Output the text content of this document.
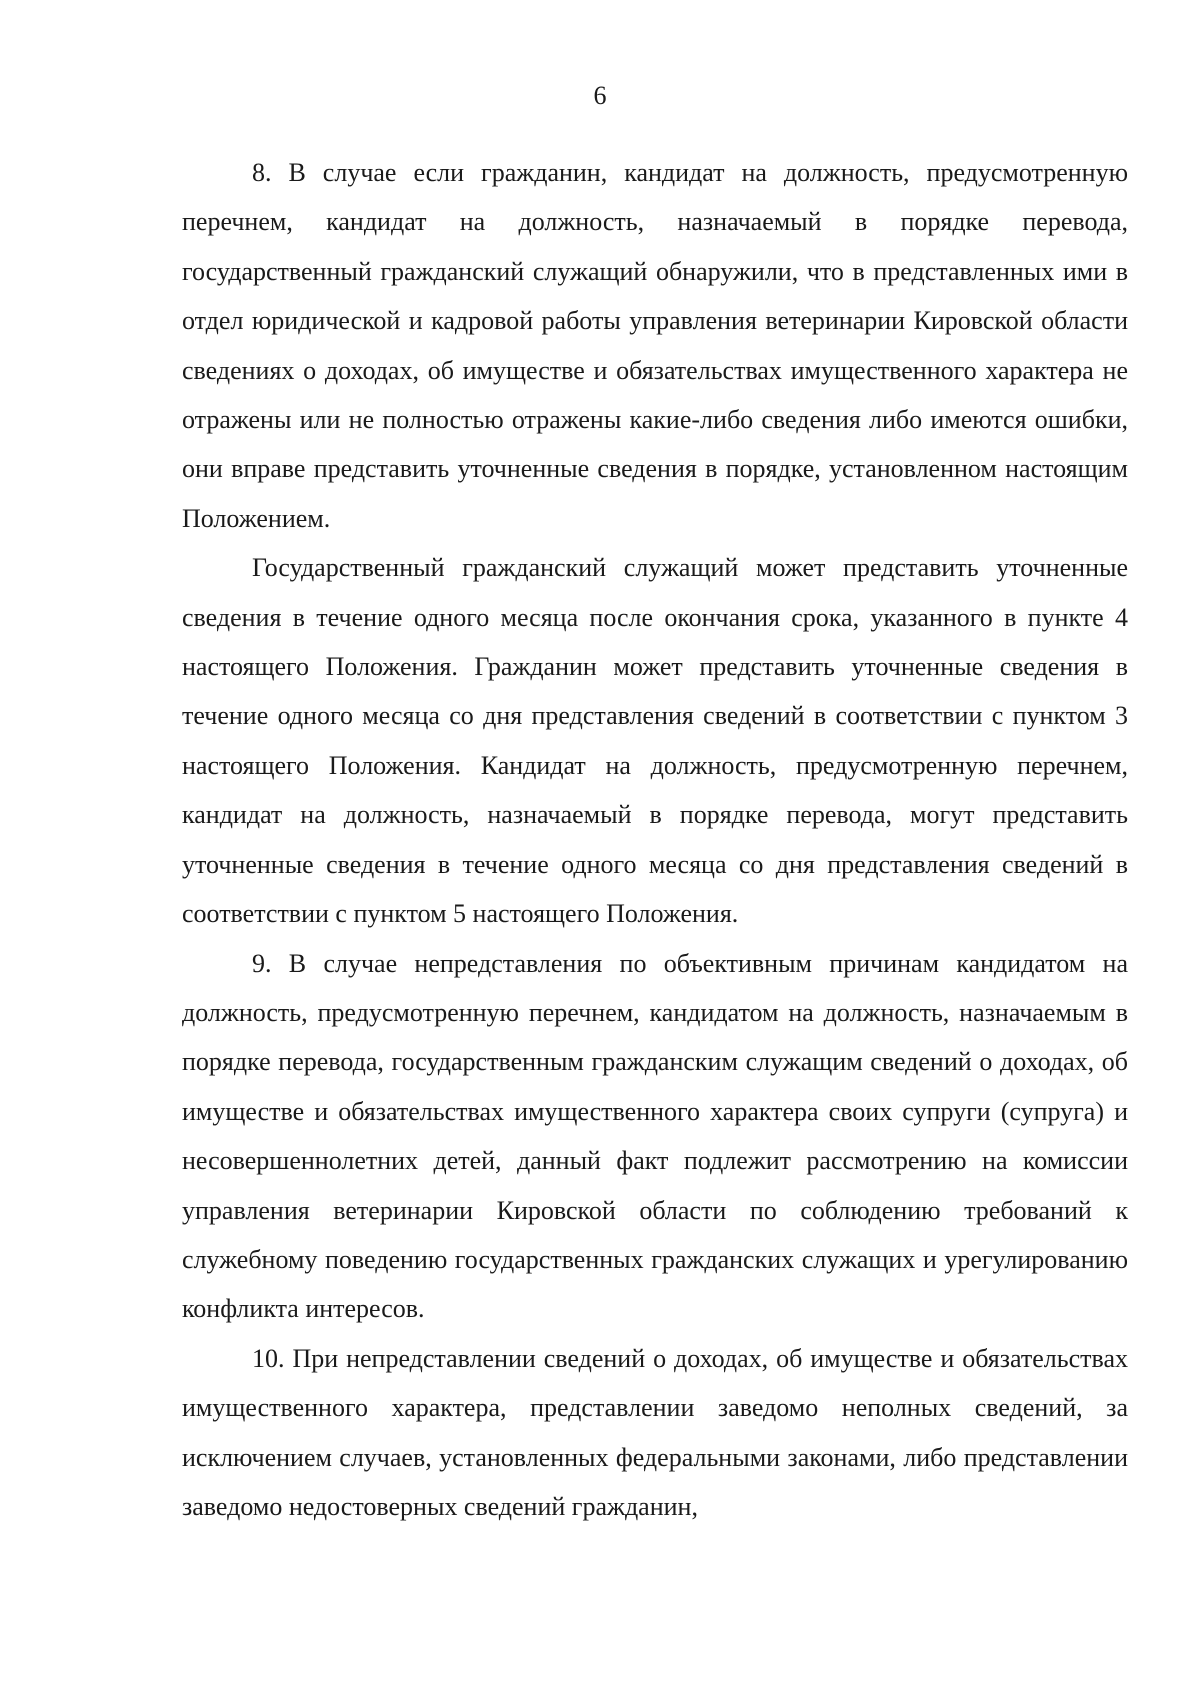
6

8. В случае если гражданин, кандидат на должность, предусмотренную перечнем, кандидат на должность, назначаемый в порядке перевода, государственный гражданский служащий обнаружили, что в представленных ими в отдел юридической и кадровой работы управления ветеринарии Кировской области сведениях о доходах, об имуществе и обязательствах имущественного характера не отражены или не полностью отражены какие-либо сведения либо имеются ошибки, они вправе представить уточненные сведения в порядке, установленном настоящим Положением.

Государственный гражданский служащий может представить уточненные сведения в течение одного месяца после окончания срока, указанного в пункте 4 настоящего Положения. Гражданин может представить уточненные сведения в течение одного месяца со дня представления сведений в соответствии с пунктом 3 настоящего Положения. Кандидат на должность, предусмотренную перечнем, кандидат на должность, назначаемый в порядке перевода, могут представить уточненные сведения в течение одного месяца со дня представления сведений в соответствии с пунктом 5 настоящего Положения.

9. В случае непредставления по объективным причинам кандидатом на должность, предусмотренную перечнем, кандидатом на должность, назначаемым в порядке перевода, государственным гражданским служащим сведений о доходах, об имуществе и обязательствах имущественного характера своих супруги (супруга) и несовершеннолетних детей, данный факт подлежит рассмотрению на комиссии управления ветеринарии Кировской области по соблюдению требований к служебному поведению государственных гражданских служащих и урегулированию конфликта интересов.

10. При непредставлении сведений о доходах, об имуществе и обязательствах имущественного характера, представлении заведомо неполных сведений, за исключением случаев, установленных федеральными законами, либо представлении заведомо недостоверных сведений гражданин,
